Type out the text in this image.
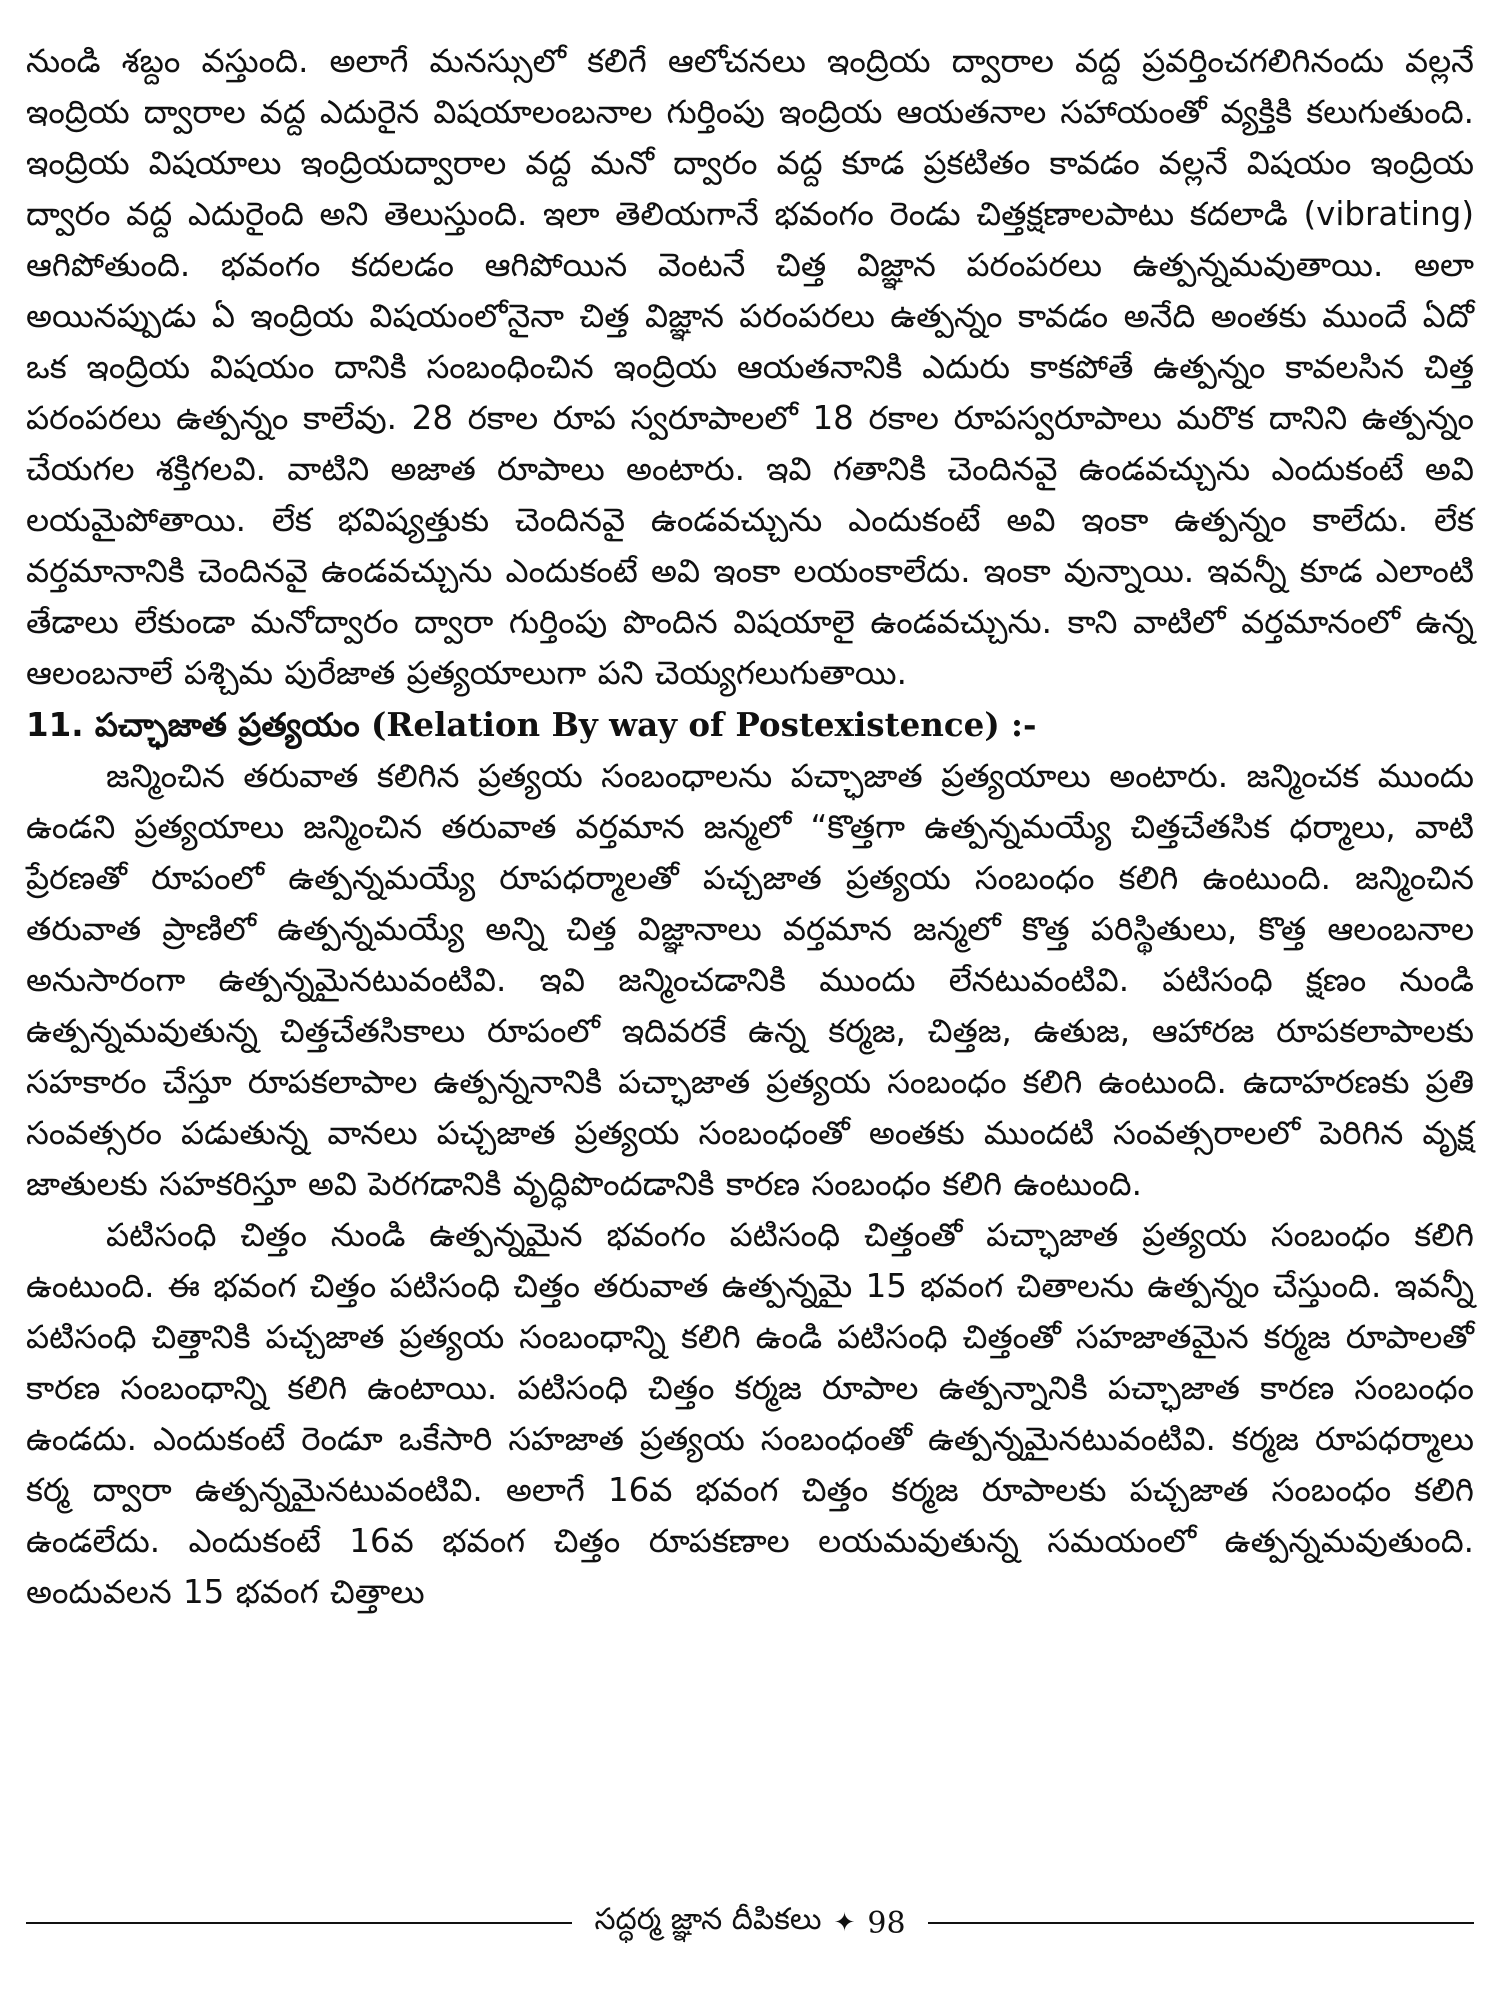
నుండి శబ్దం వస్తుంది. అలాగే మనస్సులో కలిగే ఆలోచనలు ఇంద్రియ ద్వారాల వద్ద ప్రవర్తించగలిగినందు వల్లనే ఇంద్రియ ద్వారాల వద్ద ఎదురైన విషయాలంబనాల గుర్తింపు ఇంద్రియ ఆయతనాల సహాయంతో వ్యక్తికి కలుగుతుంది. ఇంద్రియ విషయాలు ఇంద్రియద్వారాల వద్ద మనో ద్వారం వద్ద కూడ ప్రకటితం కావడం వల్లనే విషయం ఇంద్రియ ద్వారం వద్ద ఎదురైంది అని తెలుస్తుంది. ఇలా తెలియగానే భవంగం రెండు చిత్తక్షణాలపాటు కదలాడి (vibrating) ఆగిపోతుంది. భవంగం కదలడం ఆగిపోయిన వెంటనే చిత్త విజ్ఞాన పరంపరలు ఉత్పన్నమవుతాయి. అలా అయినప్పుడు ఏ ఇంద్రియ విషయంలోనైనా చిత్త విజ్ఞాన పరంపరలు ఉత్పన్నం కావడం అనేది అంతకు ముందే ఏదో ఒక ఇంద్రియ విషయం దానికి సంబంధించిన ఇంద్రియ ఆయతనానికి ఎదురు కాకపోతే ఉత్పన్నం కావలసిన చిత్త పరంపరలు ఉత్పన్నం కాలేవు. 28 రకాల రూప స్వరూపాలలో 18 రకాల రూపస్వరూపాలు మరొక దానిని ఉత్పన్నం చేయగల శక్తిగలవి. వాటిని అజాత రూపాలు అంటారు. ఇవి గతానికి చెందినవై ఉండవచ్చును ఎందుకంటే అవి లయమైపోతాయి. లేక భవిష్యత్తుకు చెందినవై ఉండవచ్చును ఎందుకంటే అవి ఇంకా ఉత్పన్నం కాలేదు. లేక వర్తమానానికి చెందినవై ఉండవచ్చును ఎందుకంటే అవి ఇంకా లయంకాలేదు. ఇంకా వున్నాయి. ఇవన్నీ కూడ ఎలాంటి తేడాలు లేకుండా మనోద్వారం ద్వారా గుర్తింపు పొందిన విషయాలై ఉండవచ్చును. కాని వాటిలో వర్తమానంలో ఉన్న ఆలంబనాలే పశ్చిమ పురేజాత ప్రత్యయాలుగా పని చెయ్యగలుగుతాయి.

11. పచ్ఛాజాత ప్రత్యయం (Relation By way of Postexistence) :-

జన్మించిన తరువాత కలిగిన ప్రత్యయ సంబంధాలను పచ్ఛాజాత ప్రత్యయాలు అంటారు. జన్మించక ముందు ఉండని ప్రత్యయాలు జన్మించిన తరువాత వర్తమాన జన్మలో “కొత్తగా ఉత్పన్నమయ్యే చిత్తచేతసిక ధర్మాలు, వాటి ప్రేరణతో రూపంలో ఉత్పన్నమయ్యే రూపధర్మాలతో పచ్చజాత ప్రత్యయ సంబంధం కలిగి ఉంటుంది. జన్మించిన తరువాత ప్రాణిలో ఉత్పన్నమయ్యే అన్ని చిత్త విజ్ఞానాలు వర్తమాన జన్మలో కొత్త పరిస్థితులు, కొత్త ఆలంబనాల అనుసారంగా ఉత్పన్నమైనటువంటివి. ఇవి జన్మించడానికి ముందు లేనటువంటివి. పటిసంధి క్షణం నుండి ఉత్పన్నమవుతున్న చిత్తచేతసికాలు రూపంలో ఇదివరకే ఉన్న కర్మజ, చిత్తజ, ఉతుజ, ఆహారజ రూపకలాపాలకు సహకారం చేస్తూ రూపకలాపాల ఉత్పన్ననానికి పచ్ఛాజాత ప్రత్యయ సంబంధం కలిగి ఉంటుంది. ఉదాహరణకు ప్రతి సంవత్సరం పడుతున్న వానలు పచ్చజాత ప్రత్యయ సంబంధంతో అంతకు ముందటి సంవత్సరాలలో పెరిగిన వృక్ష జాతులకు సహకరిస్తూ అవి పెరగడానికి వృద్ధిపొందడానికి కారణ సంబంధం కలిగి ఉంటుంది.

పటిసంధి చిత్తం నుండి ఉత్పన్నమైన భవంగం పటిసంధి చిత్తంతో పచ్ఛాజాత ప్రత్యయ సంబంధం కలిగి ఉంటుంది. ఈ భవంగ చిత్తం పటిసంధి చిత్తం తరువాత ఉత్పన్నమై 15 భవంగ చితాలను ఉత్పన్నం చేస్తుంది. ఇవన్నీ పటిసంధి చిత్తానికి పచ్చజాత ప్రత్యయ సంబంధాన్ని కలిగి ఉండి పటిసంధి చిత్తంతో సహజాతమైన కర్మజ రూపాలతో కారణ సంబంధాన్ని కలిగి ఉంటాయి. పటిసంధి చిత్తం కర్మజ రూపాల ఉత్పన్నానికి పచ్ఛాజాత కారణ సంబంధం ఉండదు. ఎందుకంటే రెండూ ఒకేసారి సహజాత ప్రత్యయ సంబంధంతో ఉత్పన్నమైనటువంటివి. కర్మజ రూపధర్మాలు కర్మ ద్వారా ఉత్పన్నమైనటువంటివి. అలాగే 16వ భవంగ చిత్తం కర్మజ రూపాలకు పచ్చజాత సంబంధం కలిగి ఉండలేదు. ఎందుకంటే 16వ భవంగ చిత్తం రూపకణాల లయమవుతున్న సమయంలో ఉత్పన్నమవుతుంది. అందువలన 15 భవంగ చిత్తాలు

సద్ధర్మ జ్ఞాన దీపికలు ✦ 98
